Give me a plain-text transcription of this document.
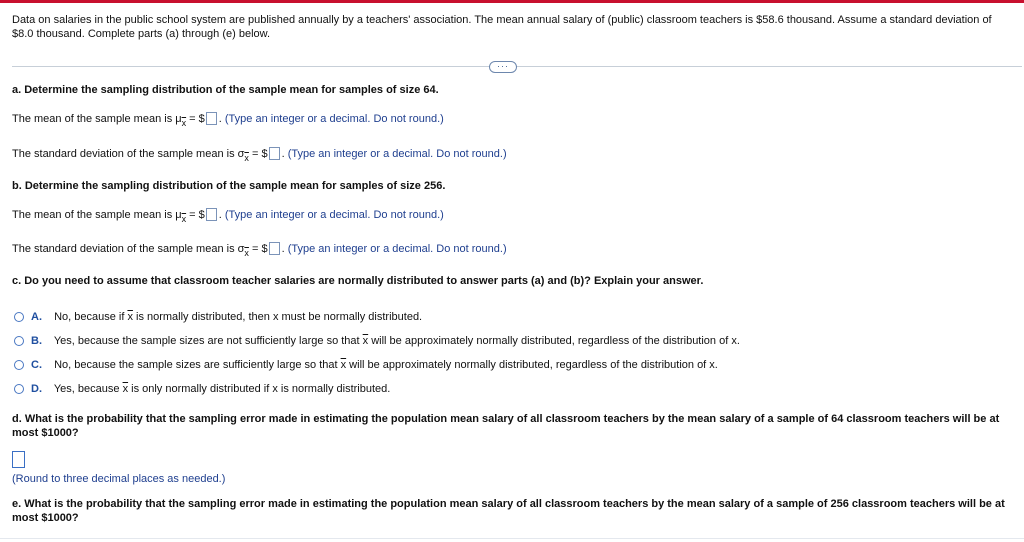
Data on salaries in the public school system are published annually by a teachers' association. The mean annual salary of (public) classroom teachers is $58.6 thousand. Assume a standard deviation of $8.0 thousand. Complete parts (a) through (e) below.
···
a. Determine the sampling distribution of the sample mean for samples of size 64.
The mean of the sample mean is $\mu_{\overline{x}}$ = $ . (Type an integer or a decimal. Do not round.)
The standard deviation of the sample mean is $\sigma_{\overline{x}}$ = $ . (Type an integer or a decimal. Do not round.)
b. Determine the sampling distribution of the sample mean for samples of size 256.
The mean of the sample mean is $\mu_{\overline{x}}$ = $ . (Type an integer or a decimal. Do not round.)
The standard deviation of the sample mean is $\sigma_{\overline{x}}$ = $ . (Type an integer or a decimal. Do not round.)
c. Do you need to assume that classroom teacher salaries are normally distributed to answer parts (a) and (b)? Explain your answer.
A. No, because if $\overline{x}$ is normally distributed, then x must be normally distributed.
B. Yes, because the sample sizes are not sufficiently large so that $\overline{x}$ will be approximately normally distributed, regardless of the distribution of x.
C. No, because the sample sizes are sufficiently large so that $\overline{x}$ will be approximately normally distributed, regardless of the distribution of x.
D. Yes, because $\overline{x}$ is only normally distributed if x is normally distributed.
d. What is the probability that the sampling error made in estimating the population mean salary of all classroom teachers by the mean salary of a sample of 64 classroom teachers will be at most $1000?
(Round to three decimal places as needed.)
e. What is the probability that the sampling error made in estimating the population mean salary of all classroom teachers by the mean salary of a sample of 256 classroom teachers will be at most $1000?
